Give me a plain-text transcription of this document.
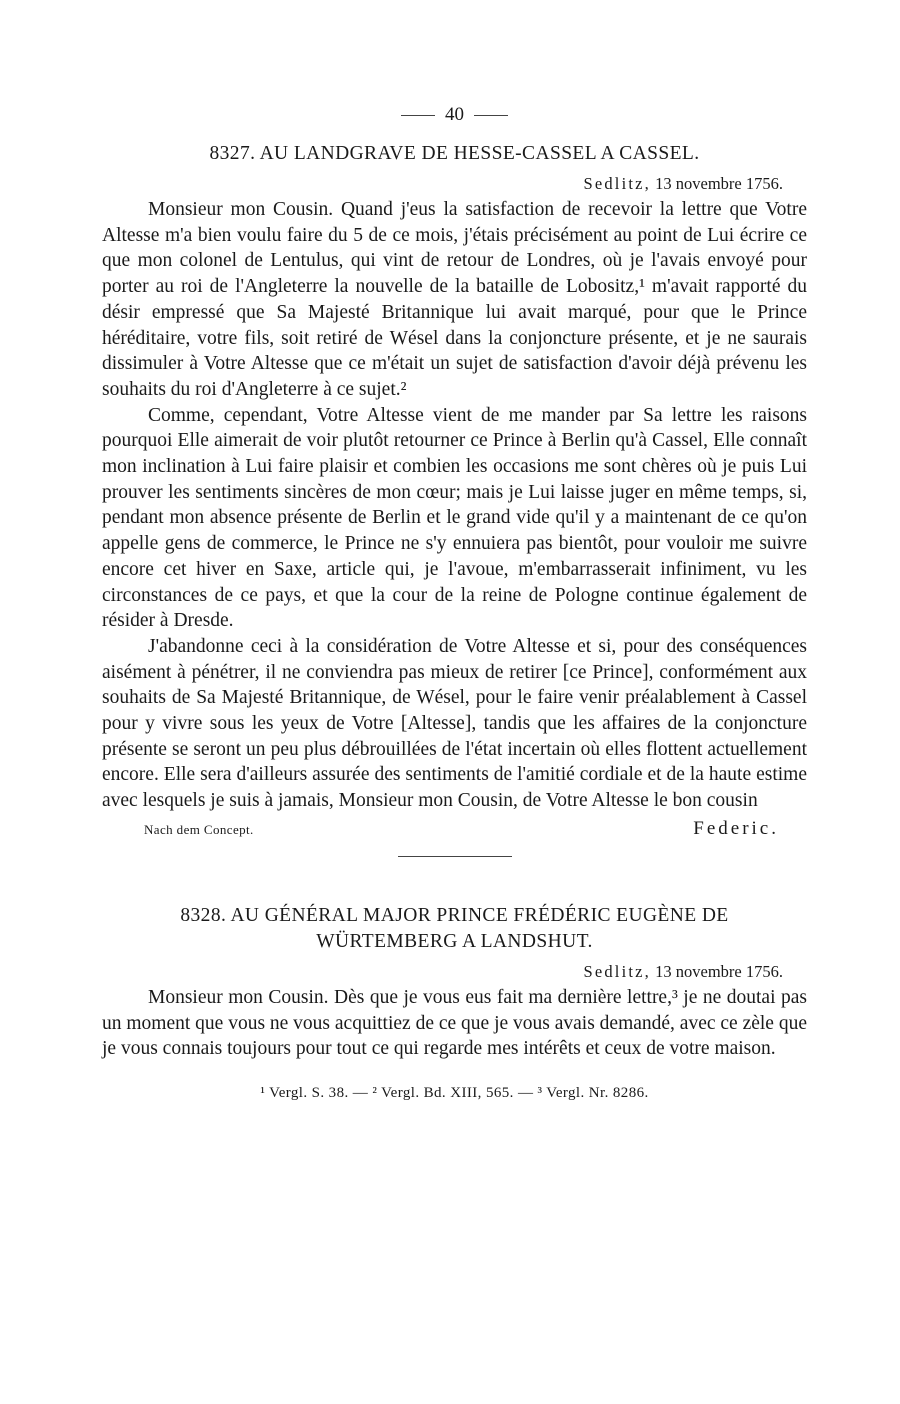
40

8327. AU LANDGRAVE DE HESSE-CASSEL A CASSEL.

Sedlitz, 13 novembre 1756.

Monsieur mon Cousin. Quand j'eus la satisfaction de recevoir la lettre que Votre Altesse m'a bien voulu faire du 5 de ce mois, j'étais précisément au point de Lui écrire ce que mon colonel de Lentulus, qui vint de retour de Londres, où je l'avais envoyé pour porter au roi de l'Angleterre la nouvelle de la bataille de Lobositz,¹ m'avait rapporté du désir empressé que Sa Majesté Britannique lui avait marqué, pour que le Prince héréditaire, votre fils, soit retiré de Wésel dans la conjoncture présente, et je ne saurais dissimuler à Votre Altesse que ce m'était un sujet de satisfaction d'avoir déjà prévenu les souhaits du roi d'Angleterre à ce sujet.²

Comme, cependant, Votre Altesse vient de me mander par Sa lettre les raisons pourquoi Elle aimerait de voir plutôt retourner ce Prince à Berlin qu'à Cassel, Elle connaît mon inclination à Lui faire plaisir et combien les occasions me sont chères où je puis Lui prouver les sentiments sincères de mon cœur; mais je Lui laisse juger en même temps, si, pendant mon absence présente de Berlin et le grand vide qu'il y a maintenant de ce qu'on appelle gens de commerce, le Prince ne s'y ennuiera pas bientôt, pour vouloir me suivre encore cet hiver en Saxe, article qui, je l'avoue, m'embarrasserait infiniment, vu les circonstances de ce pays, et que la cour de la reine de Pologne continue également de résider à Dresde.

J'abandonne ceci à la considération de Votre Altesse et si, pour des conséquences aisément à pénétrer, il ne conviendra pas mieux de retirer [ce Prince], conformément aux souhaits de Sa Majesté Britannique, de Wésel, pour le faire venir préalablement à Cassel pour y vivre sous les yeux de Votre [Altesse], tandis que les affaires de la conjoncture présente se seront un peu plus débrouillées de l'état incertain où elles flottent actuellement encore. Elle sera d'ailleurs assurée des sentiments de l'amitié cordiale et de la haute estime avec lesquels je suis à jamais, Monsieur mon Cousin, de Votre Altesse le bon cousin

Nach dem Concept.	Federic.

8328. AU GÉNÉRAL MAJOR PRINCE FRÉDÉRIC EUGÈNE DE
WÜRTEMBERG A LANDSHUT.

Sedlitz, 13 novembre 1756.

Monsieur mon Cousin. Dès que je vous eus fait ma dernière lettre,³ je ne doutai pas un moment que vous ne vous acquittiez de ce que je vous avais demandé, avec ce zèle que je vous connais toujours pour tout ce qui regarde mes intérêts et ceux de votre maison.

¹ Vergl. S. 38. — ² Vergl. Bd. XIII, 565. — ³ Vergl. Nr. 8286.
